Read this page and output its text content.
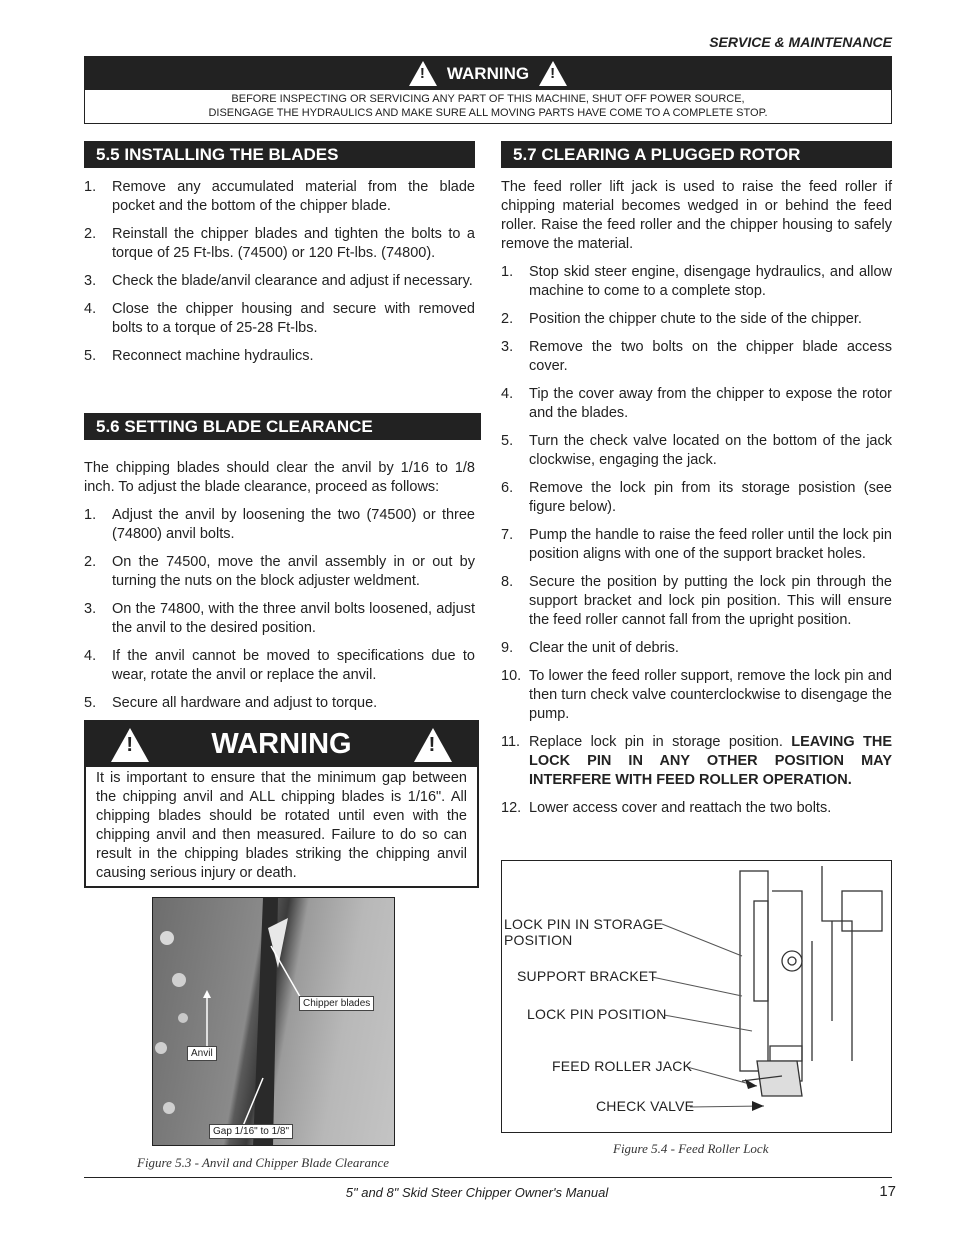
SERVICE & MAINTENANCE
! WARNING !
BEFORE INSPECTING OR SERVICING ANY PART OF THIS MACHINE, SHUT OFF POWER SOURCE,
DISENGAGE THE HYDRAULICS AND MAKE SURE ALL MOVING PARTS HAVE COME TO A COMPLETE STOP.
5.5 INSTALLING THE BLADES
1.	Remove any accumulated material from the blade pocket and the bottom of the chipper blade.
2.	Reinstall the chipper blades and tighten the bolts to a torque of 25 Ft-lbs. (74500) or 120 Ft-lbs. (74800).
3.	Check the blade/anvil clearance and adjust if necessary.
4.	Close the chipper housing and secure with removed bolts to a torque of 25-28 Ft-lbs.
5.	Reconnect machine hydraulics.
5.6 SETTING BLADE CLEARANCE

The chipping blades should clear the anvil by 1/16 to 1/8 inch. To adjust the blade clearance, proceed as follows:

1.	Adjust the anvil by loosening the two (74500) or three (74800) anvil bolts.
2.	On the 74500, move the anvil assembly in or out by turning the nuts on the block adjuster weldment.
3.	On the 74800, with the three anvil bolts loosened, adjust the anvil to the desired position.
4.	If the anvil cannot be moved to specifications due to wear, rotate the anvil or replace the anvil.
5.	Secure all hardware and adjust to torque.
!	WARNING	!
It is important to ensure that the minimum gap between the chipping anvil and ALL chipping blades is 1/16". All chipping blades should be rotated until even with the chipping anvil and then measured. Failure to do so can result in the chipping blades striking the chipping anvil causing serious injury or death.
Chipper blades
Anvil
Gap 1/16" to 1/8"
Figure 5.3 - Anvil and Chipper Blade Clearance
5.7 CLEARING A PLUGGED ROTOR

The feed roller lift jack is used to raise the feed roller if chipping material becomes wedged in or behind the feed roller. Raise the feed roller and the chipper housing to safely remove the material.

1.	Stop skid steer engine, disengage hydraulics, and allow machine to come to a complete stop.
2.	Position the chipper chute to the side of the chipper.
3.	Remove the two bolts on the chipper blade access cover.
4.	Tip the cover away from the chipper to expose the rotor and the blades.
5.	Turn the check valve located on the bottom of the jack clockwise, engaging the jack.
6.	Remove the lock pin from its storage posistion (see figure below).
7.	Pump the handle to raise the feed roller until the lock pin position aligns with one of the support bracket holes.
8.	Secure the position by putting the lock pin through the support bracket and lock pin position. This will ensure the feed roller cannot fall from the upright position.
9.	Clear the unit of debris.
10. To lower the feed roller support, remove the lock pin and then turn check valve counterclockwise to disengage the pump.
11. Replace lock pin in storage position. LEAVING THE LOCK PIN IN ANY OTHER POSITION MAY INTERFERE WITH FEED ROLLER OPERATION.
12. Lower access cover and reattach the two bolts.
LOCK PIN IN STORAGE
POSITION
SUPPORT BRACKET
LOCK PIN POSITION
FEED ROLLER JACK
CHECK VALVE
Figure 5.4 - Feed Roller Lock
5" and 8" Skid Steer Chipper Owner's Manual	17
